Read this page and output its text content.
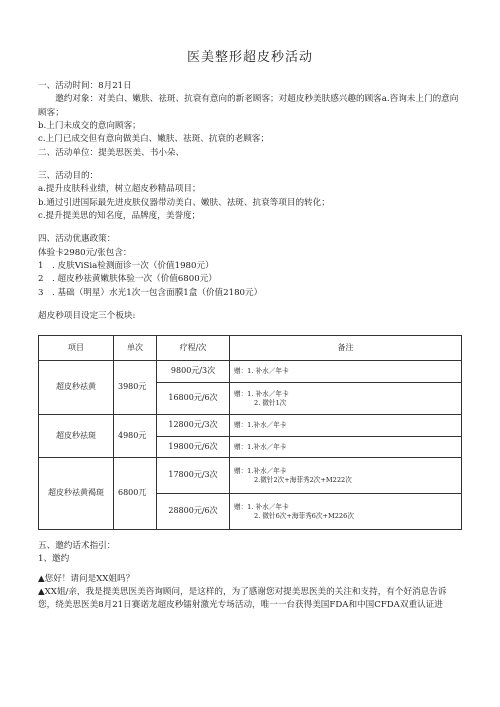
医美整形超皮秒活动

一、活动时间：8月21日

邀约对象：对美白、嫩肤、祛斑、抗衰有意向的新老顾客；对超皮秒美肤感兴趣的顾客a.咨询未上门的意向顾客；

b.上门未成交的意向顾客；

c.上门已成交但有意向做美白、嫩肤、祛斑、抗衰的老顾客；

二、活动单位：提美思医美、书小朵、

三、活动目的：

a.提升皮肤科业绩，树立超皮秒精品项目；

b.通过引进国际最先进皮肤仪器带动美白、嫩肤、祛斑、抗衰等项目的转化；

c.提升提美思的知名度，品牌度，美誉度；

四、活动优惠政策：

体验卡2980元/张包含：

1　. 皮肤ViSia检测面诊一次（价值1980元）

2　. 超皮秒祛黄嫩肤体验一次（价值6800元）

3　. 基础（明星）水光1次一包含面膜1盒（价值2180元）

超皮秒项目设定三个板块:

项目	单次	疗程/次	备注
超皮秒祛黄	3980元	9800元/3次	赠：1. 补水／年卡

		16800元/6次	赠：1. 补水／年卡
2. 微针1次

超皮秒祛斑	4980元	12800元/3次	赠：1.补水／年卡

		19800元/6次	赠：1.补水／年卡

超皮秒祛黄褐斑	6800兀	17800元/3次	赠：1.补水／年卡
2.微针2次+海菲秀2次+M222次

		28800元/6次	赠：1. 补水／年卡
2. 微针6次+海菲秀6次+M226次

五、邀约话术指引：

1、邀约

▲您好！请问是XX姐吗？

▲XX姐/亲，我是提美思医美咨询顾问，是这样的，为了感谢您对提美思医美的关注和支持，有个好消息告诉您，绕美思医美8月21日赛诺龙超皮秒镭射激光专场活动，唯一一台获得美国FDA和中国CFDA双重认证进
